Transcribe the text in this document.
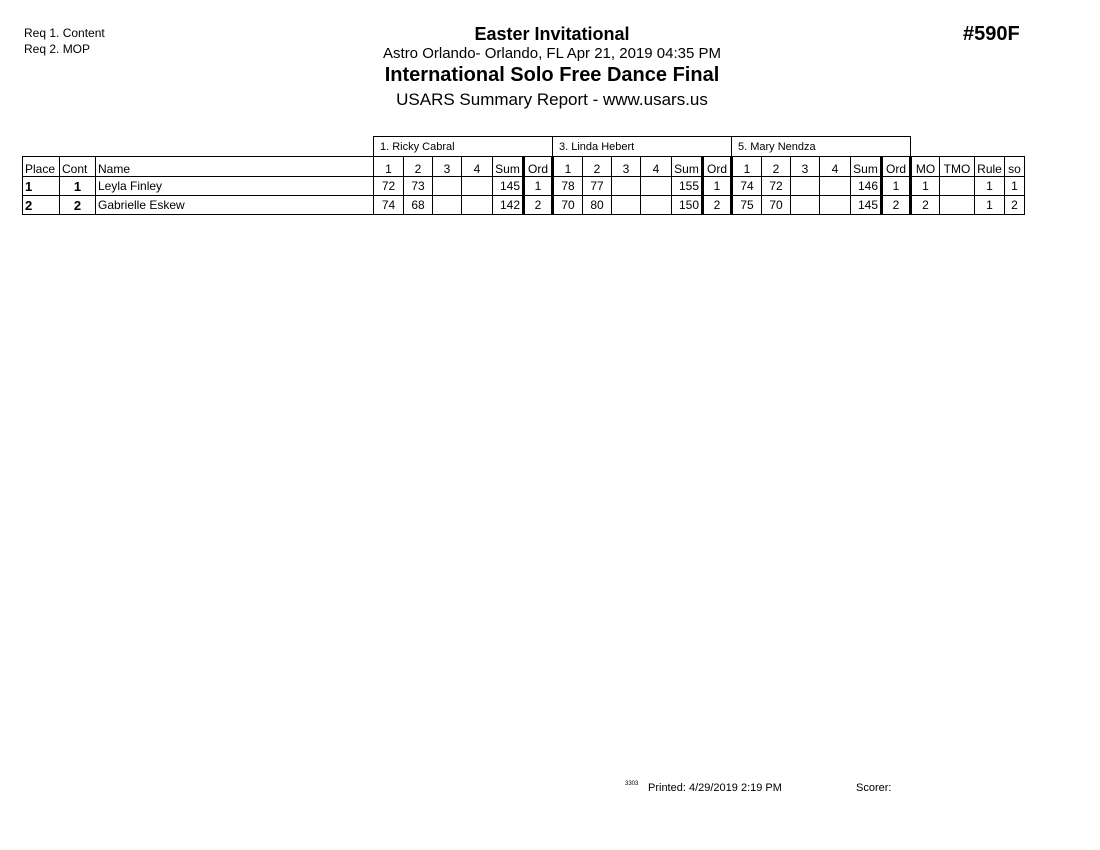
Req 1. Content
Req 2. MOP
#590F
Easter Invitational
Astro Orlando- Orlando, FL Apr 21, 2019 04:35 PM
International Solo Free Dance Final
USARS Summary Report - www.usars.us
			1. Ricky Cabral						3. Linda Hebert						5. Mary Nendza									
Place	Cont	Name	1	2	3	4	Sum	Ord	1	2	3	4	Sum	Ord	1	2	3	4	Sum	Ord	MO	TMO	Rule	so
1	1	Leyla Finley	72	73			145	1	78	77			155	1	74	72			146	1	1		1	1
2	2	Gabrielle Eskew	74	68			142	2	70	80			150	2	75	70			145	2	2		1	2
3303 Printed: 4/29/2019 2:19 PM	Scorer:
